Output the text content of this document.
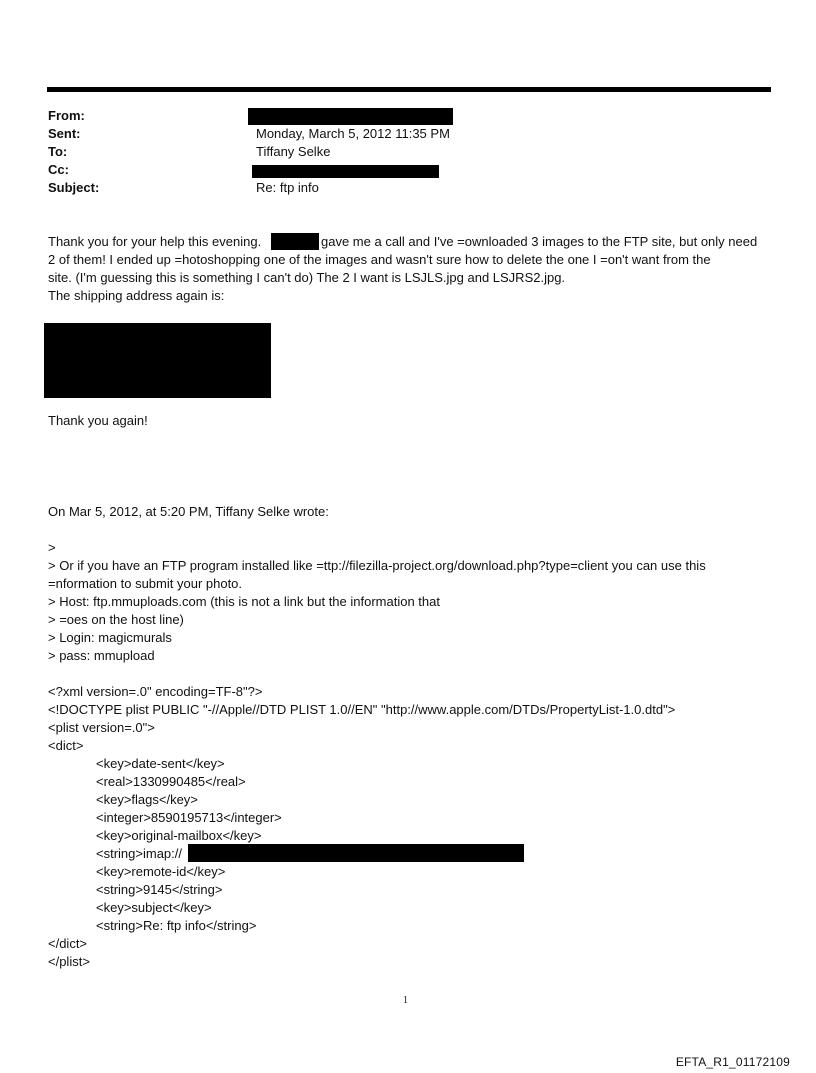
From:
Sent:	Monday, March 5, 2012 11:35 PM
To:	Tiffany Selke
Cc:
Subject:	Re: ftp info
Thank you for your help this evening.	gave me a call and I've =ownloaded 3 images to the FTP site, but only need
2 of them! I ended up =hotoshopping one of the images and wasn't sure how to delete the one I =on't want from the
site. (I'm guessing this is something I can't do) The 2 I want is LSJLS.jpg and LSJRS2.jpg.
The shipping address again is:
Thank you again!
On Mar 5, 2012, at 5:20 PM, Tiffany Selke wrote:
>
> Or if you have an FTP program installed like =ttp://filezilla-project.org/download.php?type=client you can use this
=nformation to submit your photo.
> Host: ftp.mmuploads.com (this is not a link but the information that
> =oes on the host line)
> Login: magicmurals
> pass: mmupload
<?xml version=.0" encoding=TF-8"?>
<!DOCTYPE plist PUBLIC "-//Apple//DTD PLIST 1.0//EN" "http://www.apple.com/DTDs/PropertyList-1.0.dtd">
<plist version=.0">
<dict>
<key>date-sent</key>
<real>1330990485</real>
<key>flags</key>
<integer>8590195713</integer>
<key>original-mailbox</key>
<string>imap://
<key>remote-id</key>
<string>9145</string>
<key>subject</key>
<string>Re: ftp info</string>
</dict>
</plist>
1
EFTA_R1_01172109
